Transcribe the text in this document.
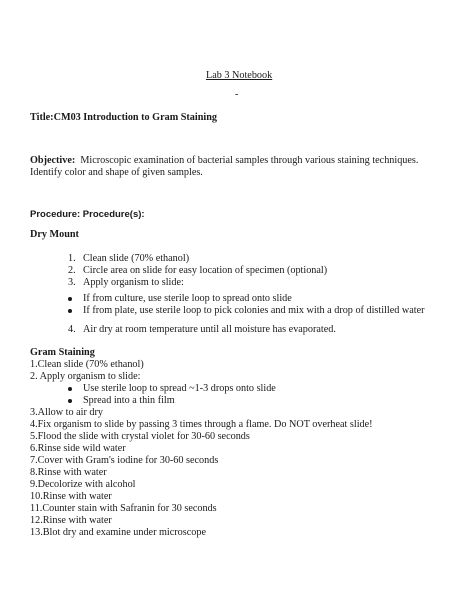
Lab 3 Notebook
-
Title:CM03 Introduction to Gram Staining
Objective: Microscopic examination of bacterial samples through various staining techniques.
Identify color and shape of given samples.
Procedure: Procedure(s):
Dry Mount
1. Clean slide (70% ethanol)
2. Circle area on slide for easy location of specimen (optional)
3. Apply organism to slide:
If from culture, use sterile loop to spread onto slide
If from plate, use sterile loop to pick colonies and mix with a drop of distilled water
4. Air dry at room temperature until all moisture has evaporated.
Gram Staining
1.Clean slide (70% ethanol)
2. Apply organism to slide:
Use sterile loop to spread ~1-3 drops onto slide
Spread into a thin film
3.Allow to air dry
4.Fix organism to slide by passing 3 times through a flame. Do NOT overheat slide!
5.Flood the slide with crystal violet for 30-60 seconds
6.Rinse side wild water
7.Cover with Gram's iodine for 30-60 seconds
8.Rinse with water
9.Decolorize with alcohol
10.Rinse with water
11.Counter stain with Safranin for 30 seconds
12.Rinse with water
13.Blot dry and examine under microscope
